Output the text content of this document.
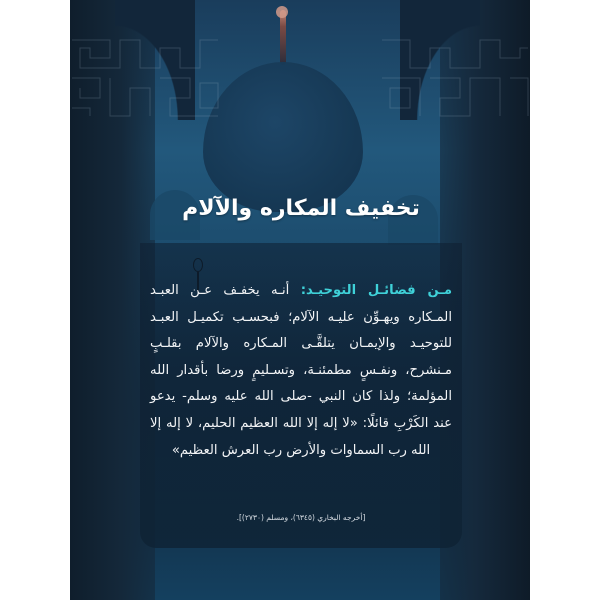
تخفيف المكاره والآلام
مـن فضائـل التوحيـد: أنـه يخفـف عـن العبـد المـكاره ويهـوِّن عليـه الآلام؛ فبحسـب تكميـل العبـد للتوحيـد والإيمـان يتلقَّـى المـكاره والآلام بقلـبٍ مـنشرح، ونفـسٍ مطمئنـة، وتسـليمٍ ورضا بأقدار الله المؤلمة؛ ولذا كان النبي -صلى الله عليه وسلم- يدعو عند الكَرْبِ قائلًا: «لا إله إلا الله العظيم الحليم، لا إله إلا الله رب السماوات والأرض رب العرش العظيم»
[أخرجه البخاري (٦٣٤٥)، ومسلم (٢٧٣٠)].
